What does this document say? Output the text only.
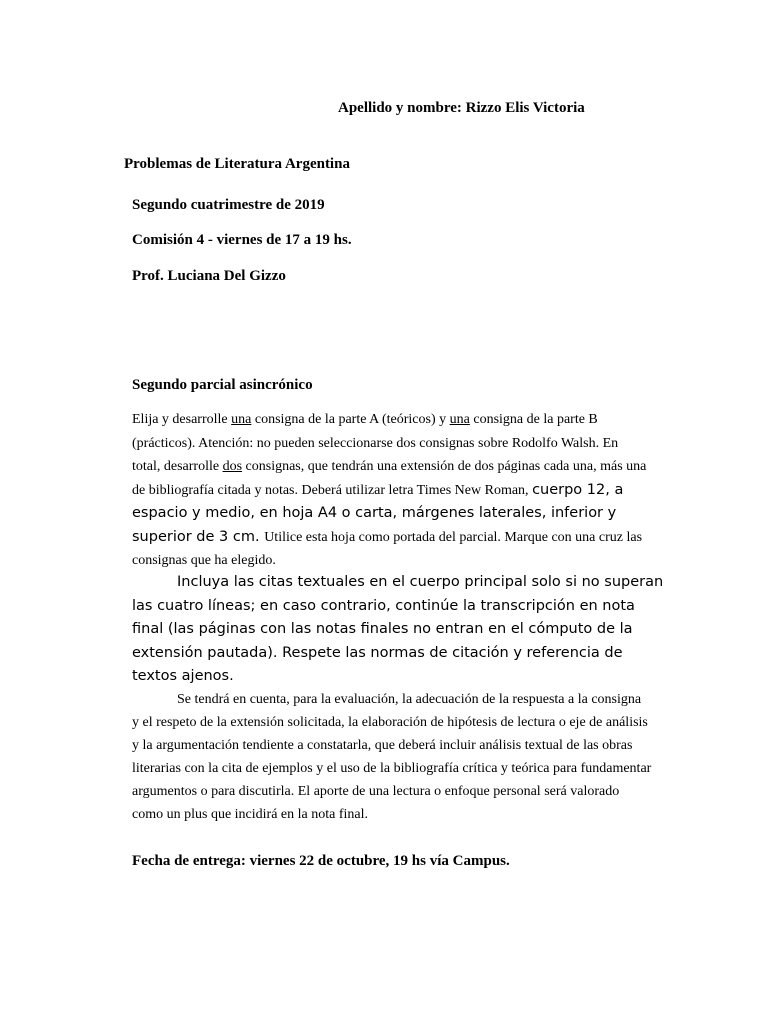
Apellido y nombre: Rizzo Elis Victoria
Problemas de Literatura Argentina
Segundo cuatrimestre de 2019
Comisión 4 - viernes de 17 a 19 hs.
Prof. Luciana Del Gizzo
Segundo parcial asincrónico
Elija y desarrolle una consigna de la parte A (teóricos) y una consigna de la parte B
(prácticos). Atención: no pueden seleccionarse dos consignas sobre Rodolfo Walsh. En
total, desarrolle dos consignas, que tendrán una extensión de dos páginas cada una, más una
de bibliografía citada y notas. Deberá utilizar letra Times New Roman, cuerpo 12, a
espacio y medio, en hoja A4 o carta, márgenes laterales, inferior y
superior de 3 cm. Utilice esta hoja como portada del parcial. Marque con una cruz las
consignas que ha elegido.
Incluya las citas textuales en el cuerpo principal solo si no superan
las cuatro líneas; en caso contrario, continúe la transcripción en nota
final (las páginas con las notas finales no entran en el cómputo de la
extensión pautada). Respete las normas de citación y referencia de
textos ajenos.
Se tendrá en cuenta, para la evaluación, la adecuación de la respuesta a la consigna
y el respeto de la extensión solicitada, la elaboración de hipótesis de lectura o eje de análisis
y la argumentación tendiente a constatarla, que deberá incluir análisis textual de las obras
literarias con la cita de ejemplos y el uso de la bibliografía crítica y teórica para fundamentar
argumentos o para discutirla. El aporte de una lectura o enfoque personal será valorado
como un plus que incidirá en la nota final.
Fecha de entrega: viernes 22 de octubre, 19 hs vía Campus.
